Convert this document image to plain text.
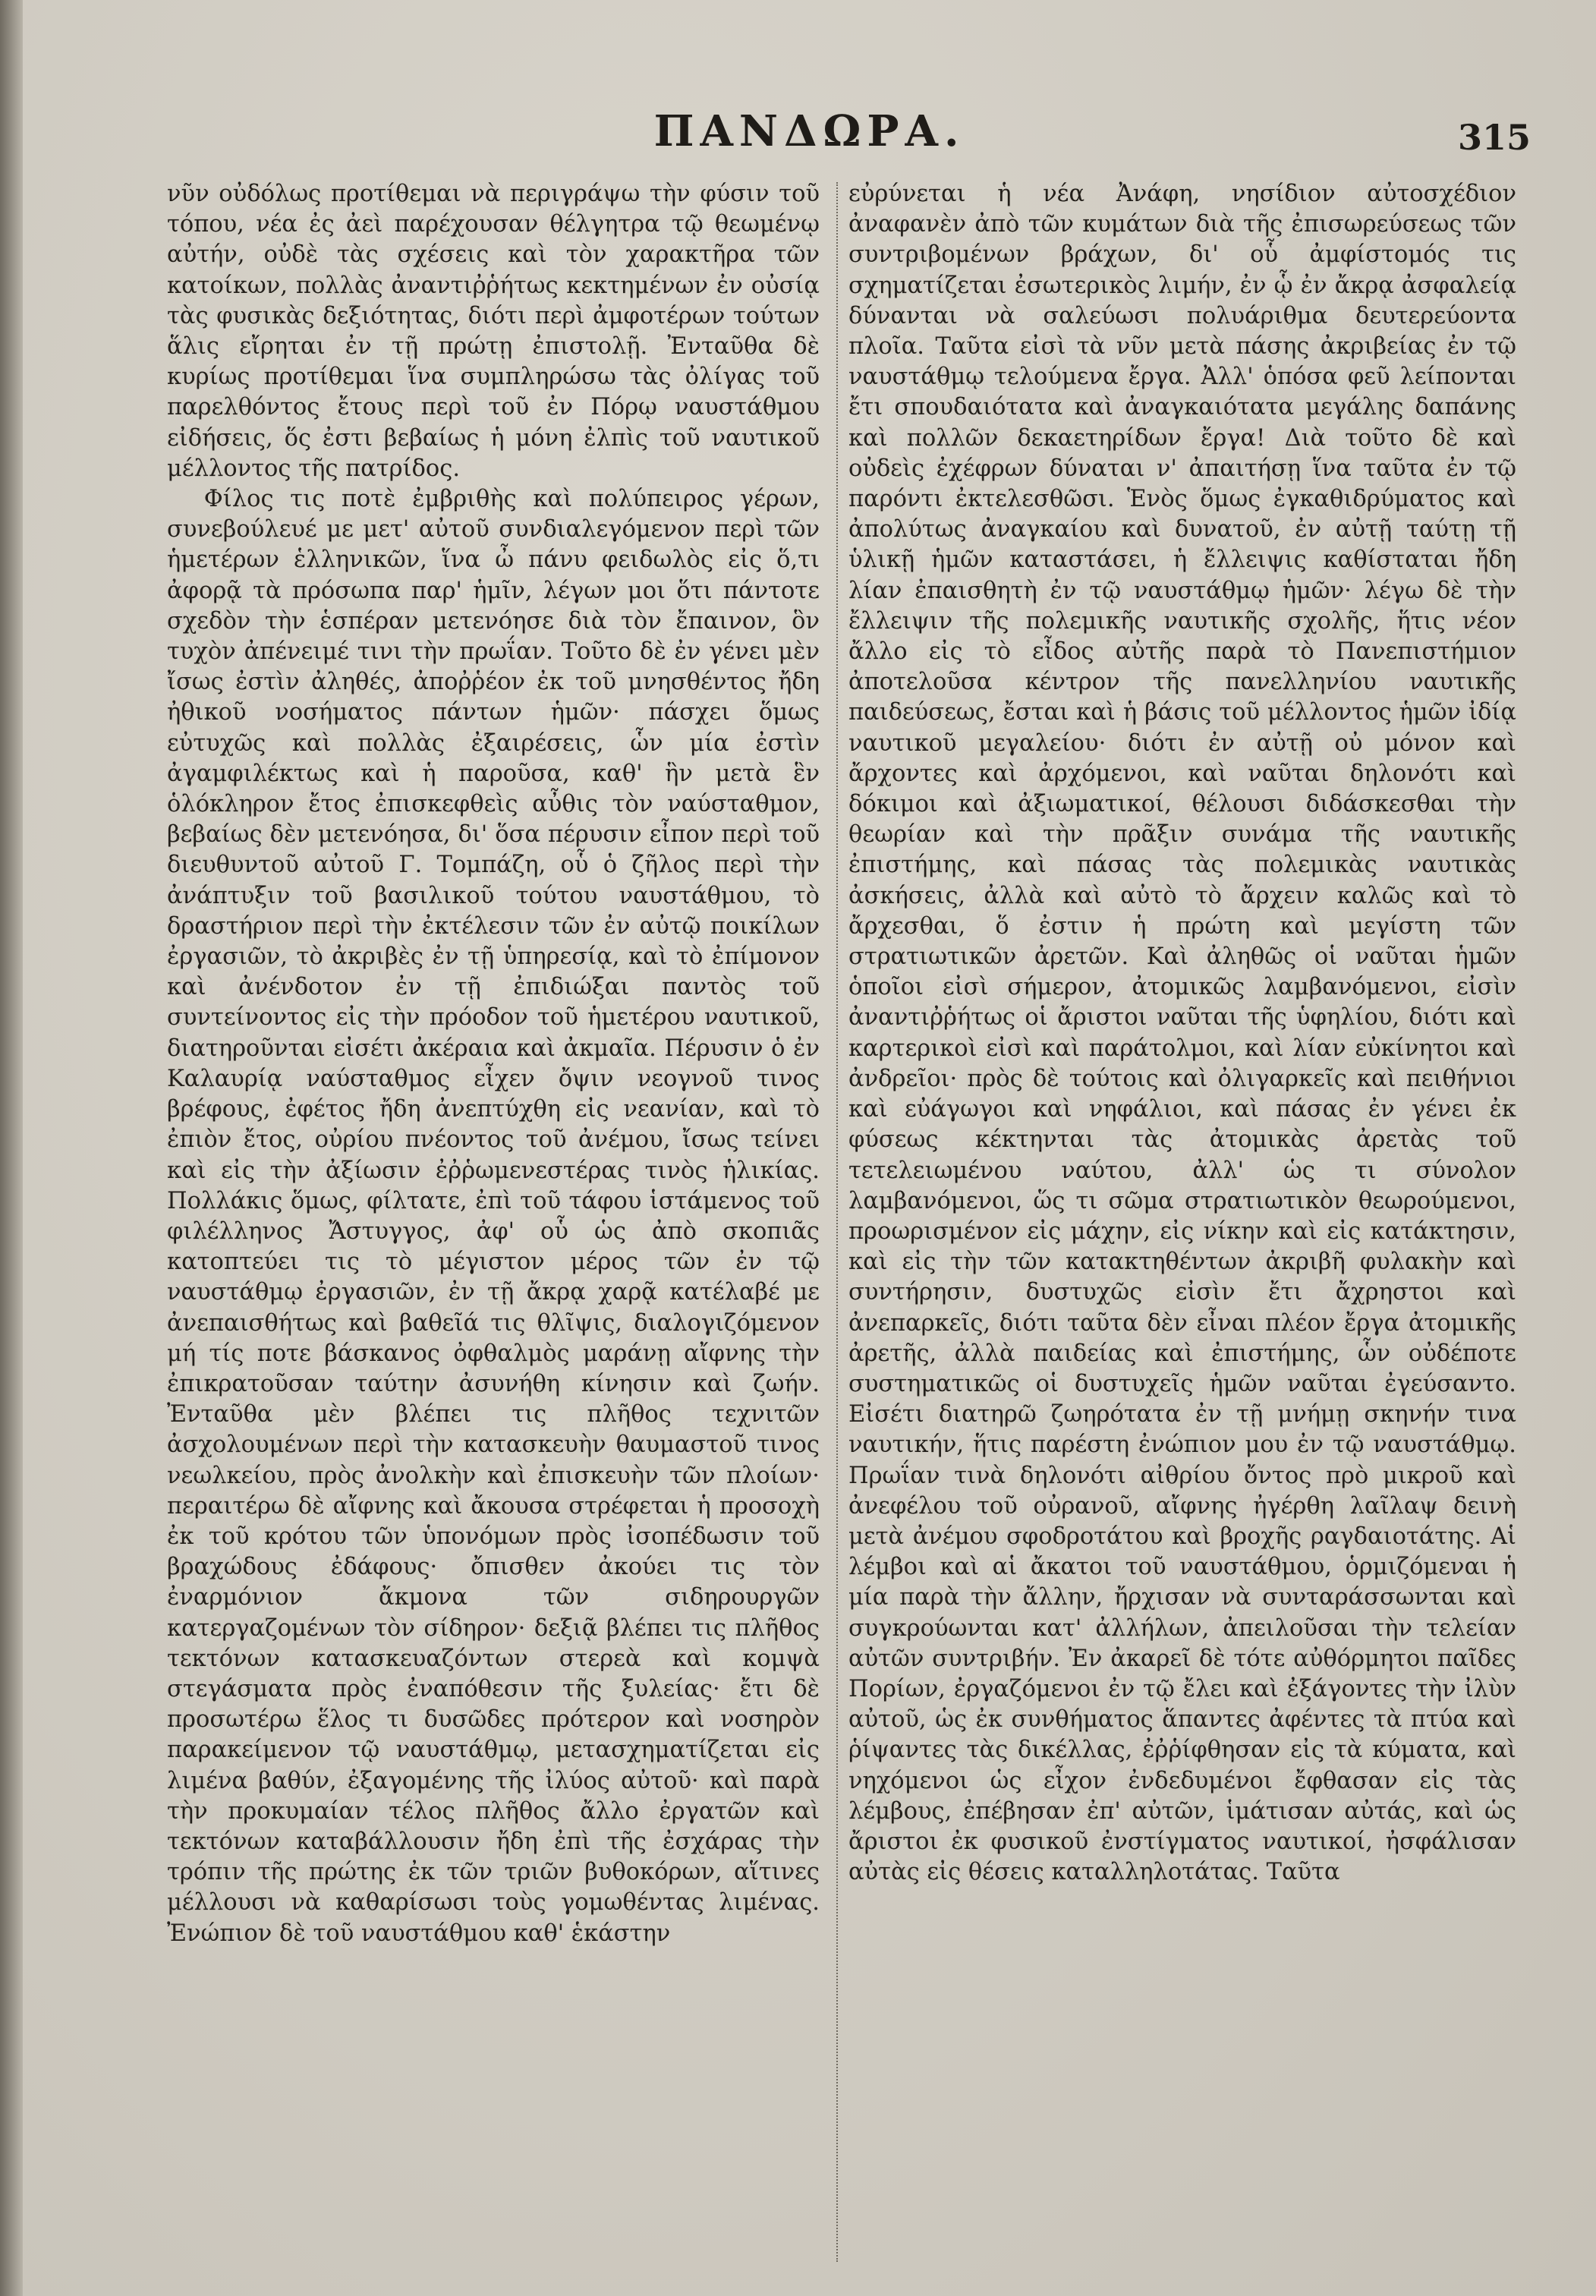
ΠΑΝΔΩΡΑ.	315

νῦν οὐδόλως προτίθεμαι νὰ περιγράψω τὴν φύσιν τοῦ τόπου, νέα ἐς ἀεὶ παρέχουσαν θέλγητρα τῷ θεωμένῳ αὐτήν, οὐδὲ τὰς σχέσεις καὶ τὸν χαρακτῆρα τῶν κατοίκων, πολλὰς ἀναντιῤῥήτως κεκτημένων ἐν οὐσίᾳ τὰς φυσικὰς δεξιότητας, διότι περὶ ἀμφοτέρων τούτων ἅλις εἴρηται ἐν τῇ πρώτῃ ἐπιστολῇ. Ἐνταῦθα δὲ κυρίως προτίθεμαι ἵνα συμπληρώσω τὰς ὀλίγας τοῦ παρελθόντος ἔτους περὶ τοῦ ἐν Πόρῳ ναυστάθμου εἰδήσεις, ὅς ἐστι βεβαίως ἡ μόνη ἐλπὶς τοῦ ναυτικοῦ μέλλοντος τῆς πατρίδος.

Φίλος τις ποτὲ ἐμβριθὴς καὶ πολύπειρος γέρων, συνεβούλευέ με μετ' αὐτοῦ συνδιαλεγόμενον περὶ τῶν ἡμετέρων ἑλληνικῶν, ἵνα ὦ πάνυ φειδωλὸς εἰς ὅ,τι ἀφορᾷ τὰ πρόσωπα παρ' ἡμῖν, λέγων μοι ὅτι πάντοτε σχεδὸν τὴν ἑσπέραν μετενόησε διὰ τὸν ἔπαινον, ὃν τυχὸν ἀπένειμέ τινι τὴν πρωΐαν. Τοῦτο δὲ ἐν γένει μὲν ἴσως ἐστὶν ἀληθές, ἀποῤῥέον ἐκ τοῦ μνησθέντος ἤδη ἠθικοῦ νοσήματος πάντων ἡμῶν· πάσχει ὅμως εὐτυχῶς καὶ πολλὰς ἐξαιρέσεις, ὧν μία ἐστὶν ἀγαμφιλέκτως καὶ ἡ παροῦσα, καθ' ἣν μετὰ ἓν ὁλόκληρον ἔτος ἐπισκεφθεὶς αὖθις τὸν ναύσταθμον, βεβαίως δὲν μετενόησα, δι' ὅσα πέρυσιν εἶπον περὶ τοῦ διευθυντοῦ αὐτοῦ Γ. Τομπάζη, οὗ ὁ ζῆλος περὶ τὴν ἀνάπτυξιν τοῦ βασιλικοῦ τούτου ναυστάθμου, τὸ δραστήριον περὶ τὴν ἐκτέλεσιν τῶν ἐν αὐτῷ ποικίλων ἐργασιῶν, τὸ ἀκριβὲς ἐν τῇ ὑπηρεσίᾳ, καὶ τὸ ἐπίμονον καὶ ἀνένδοτον ἐν τῇ ἐπιδιώξαι παντὸς τοῦ συντείνοντος εἰς τὴν πρόοδον τοῦ ἡμετέρου ναυτικοῦ, διατηροῦνται εἰσέτι ἀκέραια καὶ ἀκμαῖα. Πέρυσιν ὁ ἐν Καλαυρίᾳ ναύσταθμος εἶχεν ὄψιν νεογνοῦ τινος βρέφους, ἐφέτος ἤδη ἀνεπτύχθη εἰς νεανίαν, καὶ τὸ ἐπιὸν ἔτος, οὐρίου πνέοντος τοῦ ἀνέμου, ἴσως τείνει καὶ εἰς τὴν ἀξίωσιν ἐῤῥωμενεστέρας τινὸς ἡλικίας. Πολλάκις ὅμως, φίλτατε, ἐπὶ τοῦ τάφου ἱστάμενος τοῦ φιλέλληνος Ἄστυγγος, ἀφ' οὗ ὡς ἀπὸ σκοπιᾶς κατοπτεύει τις τὸ μέγιστον μέρος τῶν ἐν τῷ ναυστάθμῳ ἐργασιῶν, ἐν τῇ ἄκρᾳ χαρᾷ κατέλαβέ με ἀνεπαισθήτως καὶ βαθεῖά τις θλῖψις, διαλογιζόμενον μή τίς ποτε βάσκανος ὀφθαλμὸς μαράνῃ αἴφνης τὴν ἐπικρατοῦσαν ταύτην ἀσυνήθη κίνησιν καὶ ζωήν. Ἐνταῦθα μὲν βλέπει τις πλῆθος τεχνιτῶν ἀσχολουμένων περὶ τὴν κατασκευὴν θαυμαστοῦ τινος νεωλκείου, πρὸς ἀνολκὴν καὶ ἐπισκευὴν τῶν πλοίων· περαιτέρω δὲ αἴφνης καὶ ἄκουσα στρέφεται ἡ προσοχὴ ἐκ τοῦ κρότου τῶν ὑπονόμων πρὸς ἰσοπέδωσιν τοῦ βραχώδους ἐδάφους· ὄπισθεν ἀκούει τις τὸν ἐναρμόνιον ἄκμονα τῶν σιδηρουργῶν κατεργαζομένων τὸν σίδηρον· δεξιᾷ βλέπει τις πλῆθος τεκτόνων κατασκευαζόντων στερεὰ καὶ κομψὰ στεγάσματα πρὸς ἐναπόθεσιν τῆς ξυλείας· ἔτι δὲ προσωτέρω ἕλος τι δυσῶδες πρότερον καὶ νοσηρὸν παρακείμενον τῷ ναυστάθμῳ, μετασχηματίζεται εἰς λιμένα βαθύν, ἐξαγομένης τῆς ἰλύος αὐτοῦ· καὶ παρὰ τὴν προκυμαίαν τέλος πλῆθος ἄλλο ἐργατῶν καὶ τεκτόνων καταβάλλουσιν ἤδη ἐπὶ τῆς ἐσχάρας τὴν τρόπιν τῆς πρώτης ἐκ τῶν τριῶν βυθοκόρων, αἵτινες μέλλουσι νὰ καθαρίσωσι τοὺς γομωθέντας λιμένας. Ἐνώπιον δὲ τοῦ ναυστάθμου καθ' ἑκάστην

εὐρύνεται ἡ νέα Ἀνάφη, νησίδιον αὐτοσχέδιον ἀναφανὲν ἀπὸ τῶν κυμάτων διὰ τῆς ἐπισωρεύσεως τῶν συντριβομένων βράχων, δι' οὗ ἀμφίστομός τις σχηματίζεται ἐσωτερικὸς λιμήν, ἐν ᾧ ἐν ἄκρᾳ ἀσφαλείᾳ δύνανται νὰ σαλεύωσι πολυάριθμα δευτερεύοντα πλοῖα. Ταῦτα εἰσὶ τὰ νῦν μετὰ πάσης ἀκριβείας ἐν τῷ ναυστάθμῳ τελούμενα ἔργα. Ἀλλ' ὁπόσα φεῦ λείπονται ἔτι σπουδαιότατα καὶ ἀναγκαιότατα μεγάλης δαπάνης καὶ πολλῶν δεκαετηρίδων ἔργα! Διὰ τοῦτο δὲ καὶ οὐδεὶς ἐχέφρων δύναται ν' ἀπαιτήσῃ ἵνα ταῦτα ἐν τῷ παρόντι ἐκτελεσθῶσι. Ἑνὸς ὅμως ἐγκαθιδρύματος καὶ ἀπολύτως ἀναγκαίου καὶ δυνατοῦ, ἐν αὐτῇ ταύτῃ τῇ ὑλικῇ ἡμῶν καταστάσει, ἡ ἔλλειψις καθίσταται ἤδη λίαν ἐπαισθητὴ ἐν τῷ ναυστάθμῳ ἡμῶν· λέγω δὲ τὴν ἔλλειψιν τῆς πολεμικῆς ναυτικῆς σχολῆς, ἥτις νέον ἄλλο εἰς τὸ εἶδος αὐτῆς παρὰ τὸ Πανεπιστήμιον ἀποτελοῦσα κέντρον τῆς πανελληνίου ναυτικῆς παιδεύσεως, ἔσται καὶ ἡ βάσις τοῦ μέλλοντος ἡμῶν ἰδίᾳ ναυτικοῦ μεγαλείου· διότι ἐν αὐτῇ οὐ μόνον καὶ ἄρχοντες καὶ ἀρχόμενοι, καὶ ναῦται δηλονότι καὶ δόκιμοι καὶ ἀξιωματικοί, θέλουσι διδάσκεσθαι τὴν θεωρίαν καὶ τὴν πρᾶξιν συνάμα τῆς ναυτικῆς ἐπιστήμης, καὶ πάσας τὰς πολεμικὰς ναυτικὰς ἀσκήσεις, ἀλλὰ καὶ αὐτὸ τὸ ἄρχειν καλῶς καὶ τὸ ἄρχεσθαι, ὅ ἐστιν ἡ πρώτη καὶ μεγίστη τῶν στρατιωτικῶν ἀρετῶν. Καὶ ἀληθῶς οἱ ναῦται ἡμῶν ὁποῖοι εἰσὶ σήμερον, ἀτομικῶς λαμβανόμενοι, εἰσὶν ἀναντιῤῥήτως οἱ ἄριστοι ναῦται τῆς ὑφηλίου, διότι καὶ καρτερικοὶ εἰσὶ καὶ παράτολμοι, καὶ λίαν εὐκίνητοι καὶ ἀνδρεῖοι· πρὸς δὲ τούτοις καὶ ὀλιγαρκεῖς καὶ πειθήνιοι καὶ εὐάγωγοι καὶ νηφάλιοι, καὶ πάσας ἐν γένει ἐκ φύσεως κέκτηνται τὰς ἀτομικὰς ἀρετὰς τοῦ τετελειωμένου ναύτου, ἀλλ' ὡς τι σύνολον λαμβανόμενοι, ὥς τι σῶμα στρατιωτικὸν θεωρούμενοι, προωρισμένον εἰς μάχην, εἰς νίκην καὶ εἰς κατάκτησιν, καὶ εἰς τὴν τῶν κατακτηθέντων ἀκριβῆ φυλακὴν καὶ συντήρησιν, δυστυχῶς εἰσὶν ἔτι ἄχρηστοι καὶ ἀνεπαρκεῖς, διότι ταῦτα δὲν εἶναι πλέον ἔργα ἀτομικῆς ἀρετῆς, ἀλλὰ παιδείας καὶ ἐπιστήμης, ὧν οὐδέποτε συστηματικῶς οἱ δυστυχεῖς ἡμῶν ναῦται ἐγεύσαντο. Εἰσέτι διατηρῶ ζωηρότατα ἐν τῇ μνήμῃ σκηνήν τινα ναυτικήν, ἥτις παρέστη ἐνώπιον μου ἐν τῷ ναυστάθμῳ. Πρωΐαν τινὰ δηλονότι αἰθρίου ὄντος πρὸ μικροῦ καὶ ἀνεφέλου τοῦ οὐρανοῦ, αἴφνης ἠγέρθη λαῖλαψ δεινὴ μετὰ ἀνέμου σφοδροτάτου καὶ βροχῆς ραγδαιοτάτης. Αἱ λέμβοι καὶ αἱ ἄκατοι τοῦ ναυστάθμου, ὁρμιζόμεναι ἡ μία παρὰ τὴν ἄλλην, ἤρχισαν νὰ συνταράσσωνται καὶ συγκρούωνται κατ' ἀλλήλων, ἀπειλοῦσαι τὴν τελείαν αὐτῶν συντριβήν. Ἐν ἀκαρεῖ δὲ τότε αὐθόρμητοι παῖδες Πορίων, ἐργαζόμενοι ἐν τῷ ἔλει καὶ ἐξάγοντες τὴν ἰλὺν αὐτοῦ, ὡς ἐκ συνθήματος ἅπαντες ἀφέντες τὰ πτύα καὶ ῥίψαντες τὰς δικέλλας, ἐῤῥίφθησαν εἰς τὰ κύματα, καὶ νηχόμενοι ὡς εἶχον ἐνδεδυμένοι ἔφθασαν εἰς τὰς λέμβους, ἐπέβησαν ἐπ' αὐτῶν, ἱμάτισαν αὐτάς, καὶ ὡς ἄριστοι ἐκ φυσικοῦ ἐνστίγματος ναυτικοί, ἠσφάλισαν αὐτὰς εἰς θέσεις καταλληλοτάτας. Ταῦτα
